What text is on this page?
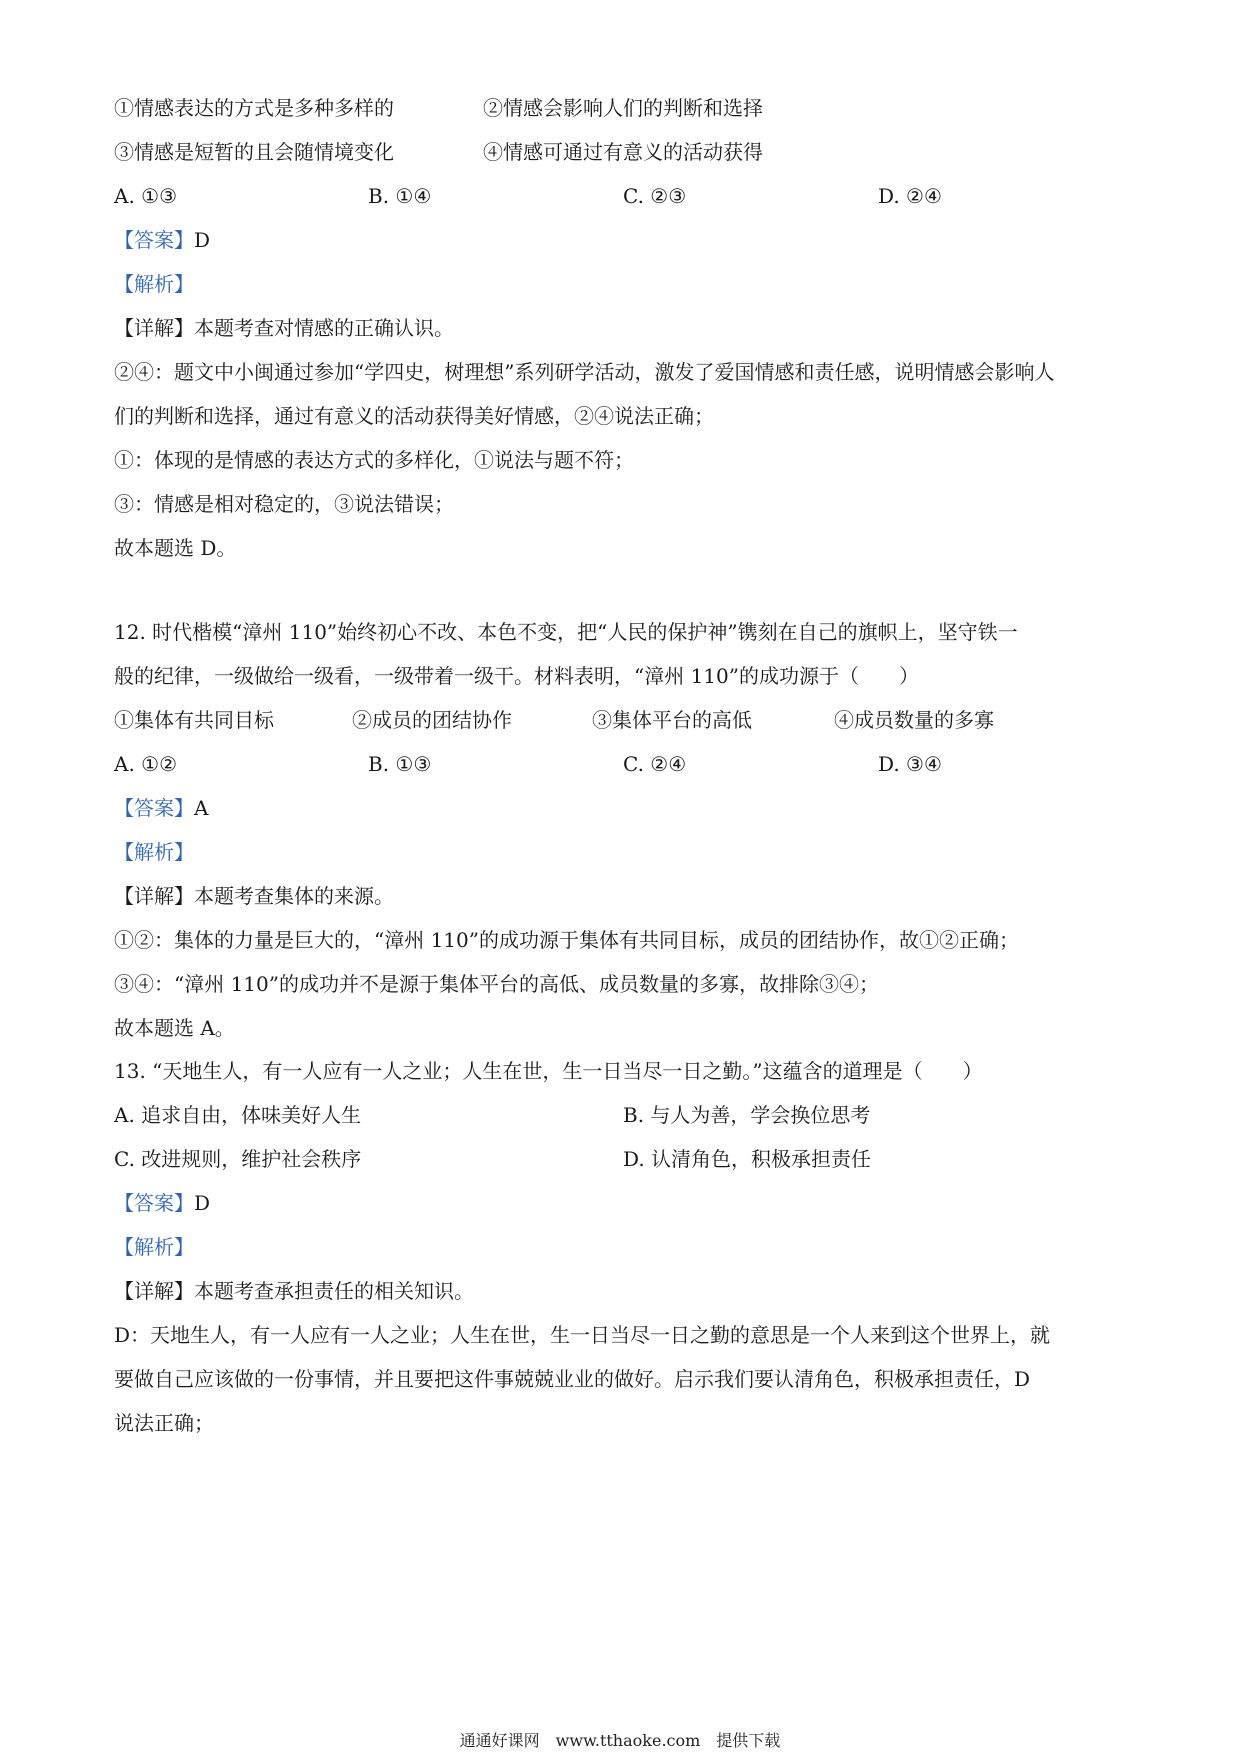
①情感表达的方式是多种多样的	②情感会影响人们的判断和选择
③情感是短暂的且会随情境变化	④情感可通过有意义的活动获得
A. ①③	B. ①④	C. ②③	D. ②④
【答案】D
【解析】
【详解】本题考查对情感的正确认识。
②④：题文中小闽通过参加“学四史，树理想”系列研学活动，激发了爱国情感和责任感，说明情感会影响人
们的判断和选择，通过有意义的活动获得美好情感，②④说法正确；
①：体现的是情感的表达方式的多样化，①说法与题不符；
③：情感是相对稳定的，③说法错误；
故本题选 D。
12. 时代楷模“漳州 110”始终初心不改、本色不变，把“人民的保护神”镌刻在自己的旗帜上，坚守铁一
般的纪律，一级做给一级看，一级带着一级干。材料表明，“漳州 110”的成功源于（　　）
①集体有共同目标	②成员的团结协作	③集体平台的高低	④成员数量的多寡
A. ①②	B. ①③	C. ②④	D. ③④
【答案】A
【解析】
【详解】本题考查集体的来源。
①②：集体的力量是巨大的，“漳州 110”的成功源于集体有共同目标，成员的团结协作，故①②正确；
③④：“漳州 110”的成功并不是源于集体平台的高低、成员数量的多寡，故排除③④；
故本题选 A。
13. “天地生人，有一人应有一人之业；人生在世，生一日当尽一日之勤。”这蕴含的道理是（　　）
A. 追求自由，体味美好人生	B. 与人为善，学会换位思考
C. 改进规则，维护社会秩序	D. 认清角色，积极承担责任
【答案】D
【解析】
【详解】本题考查承担责任的相关知识。
D：天地生人，有一人应有一人之业；人生在世，生一日当尽一日之勤的意思是一个人来到这个世界上，就
要做自己应该做的一份事情，并且要把这件事兢兢业业的做好。启示我们要认清角色，积极承担责任，D
说法正确；
通通好课网　www.tthaoke.com　提供下载
